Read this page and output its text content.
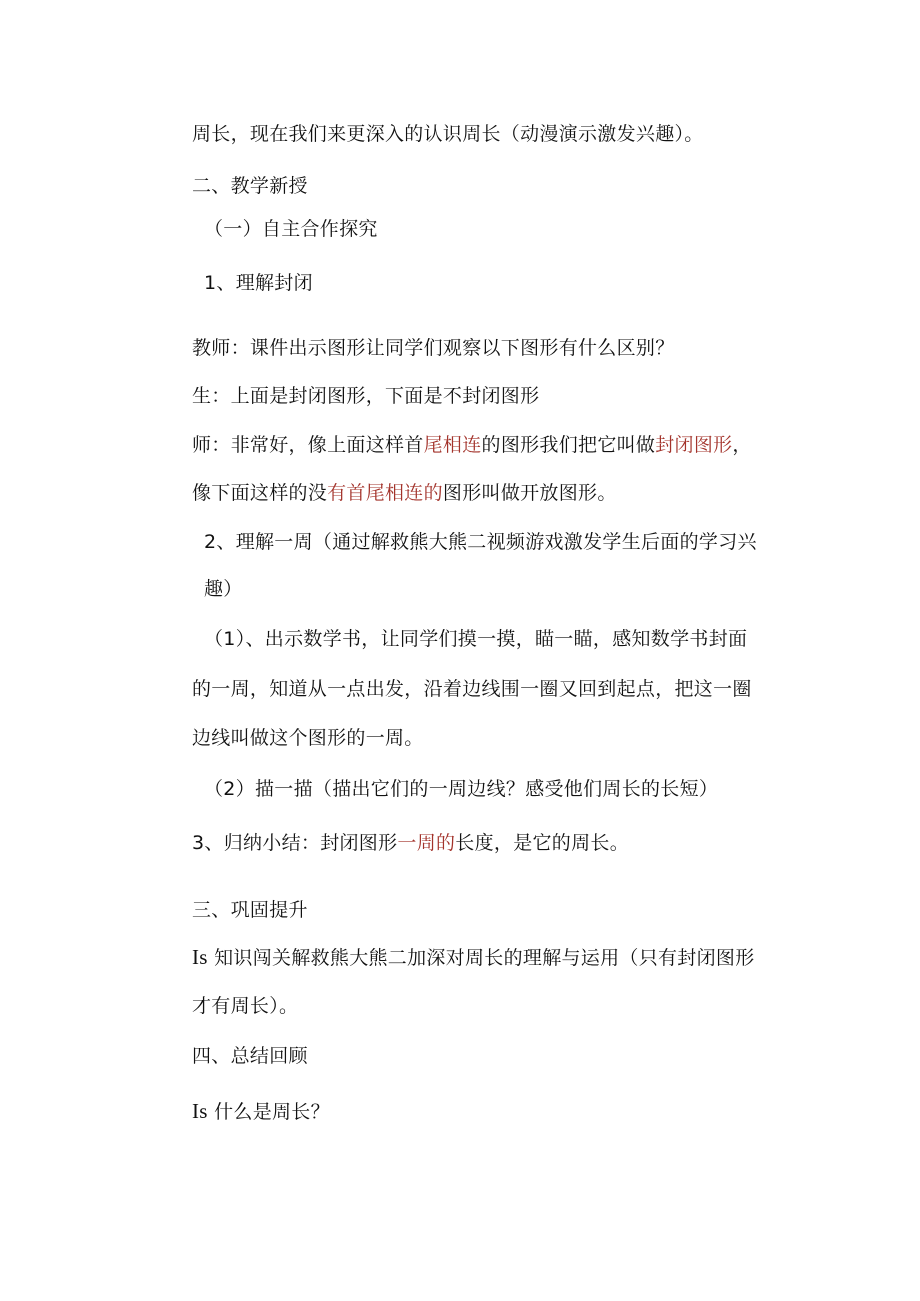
周长，现在我们来更深入的认识周长（动漫演示激发兴趣）。
二、教学新授
（一）自主合作探究
1、理解封闭
教师：课件出示图形让同学们观察以下图形有什么区别？
生：上面是封闭图形，下面是不封闭图形
师：非常好，像上面这样首尾相连的图形我们把它叫做封闭图形，
像下面这样的没有首尾相连的图形叫做开放图形。
2、理解一周（通过解救熊大熊二视频游戏激发学生后面的学习兴
趣）
（1）、出示数学书，让同学们摸一摸，瞄一瞄，感知数学书封面
的一周，知道从一点出发，沿着边线围一圈又回到起点，把这一圈
边线叫做这个图形的一周。
（2）描一描（描出它们的一周边线？感受他们周长的长短）
3、归纳小结：封闭图形一周的长度，是它的周长。
三、巩固提升
Is 知识闯关解救熊大熊二加深对周长的理解与运用（只有封闭图形
才有周长）。
四、总结回顾
Is 什么是周长？
